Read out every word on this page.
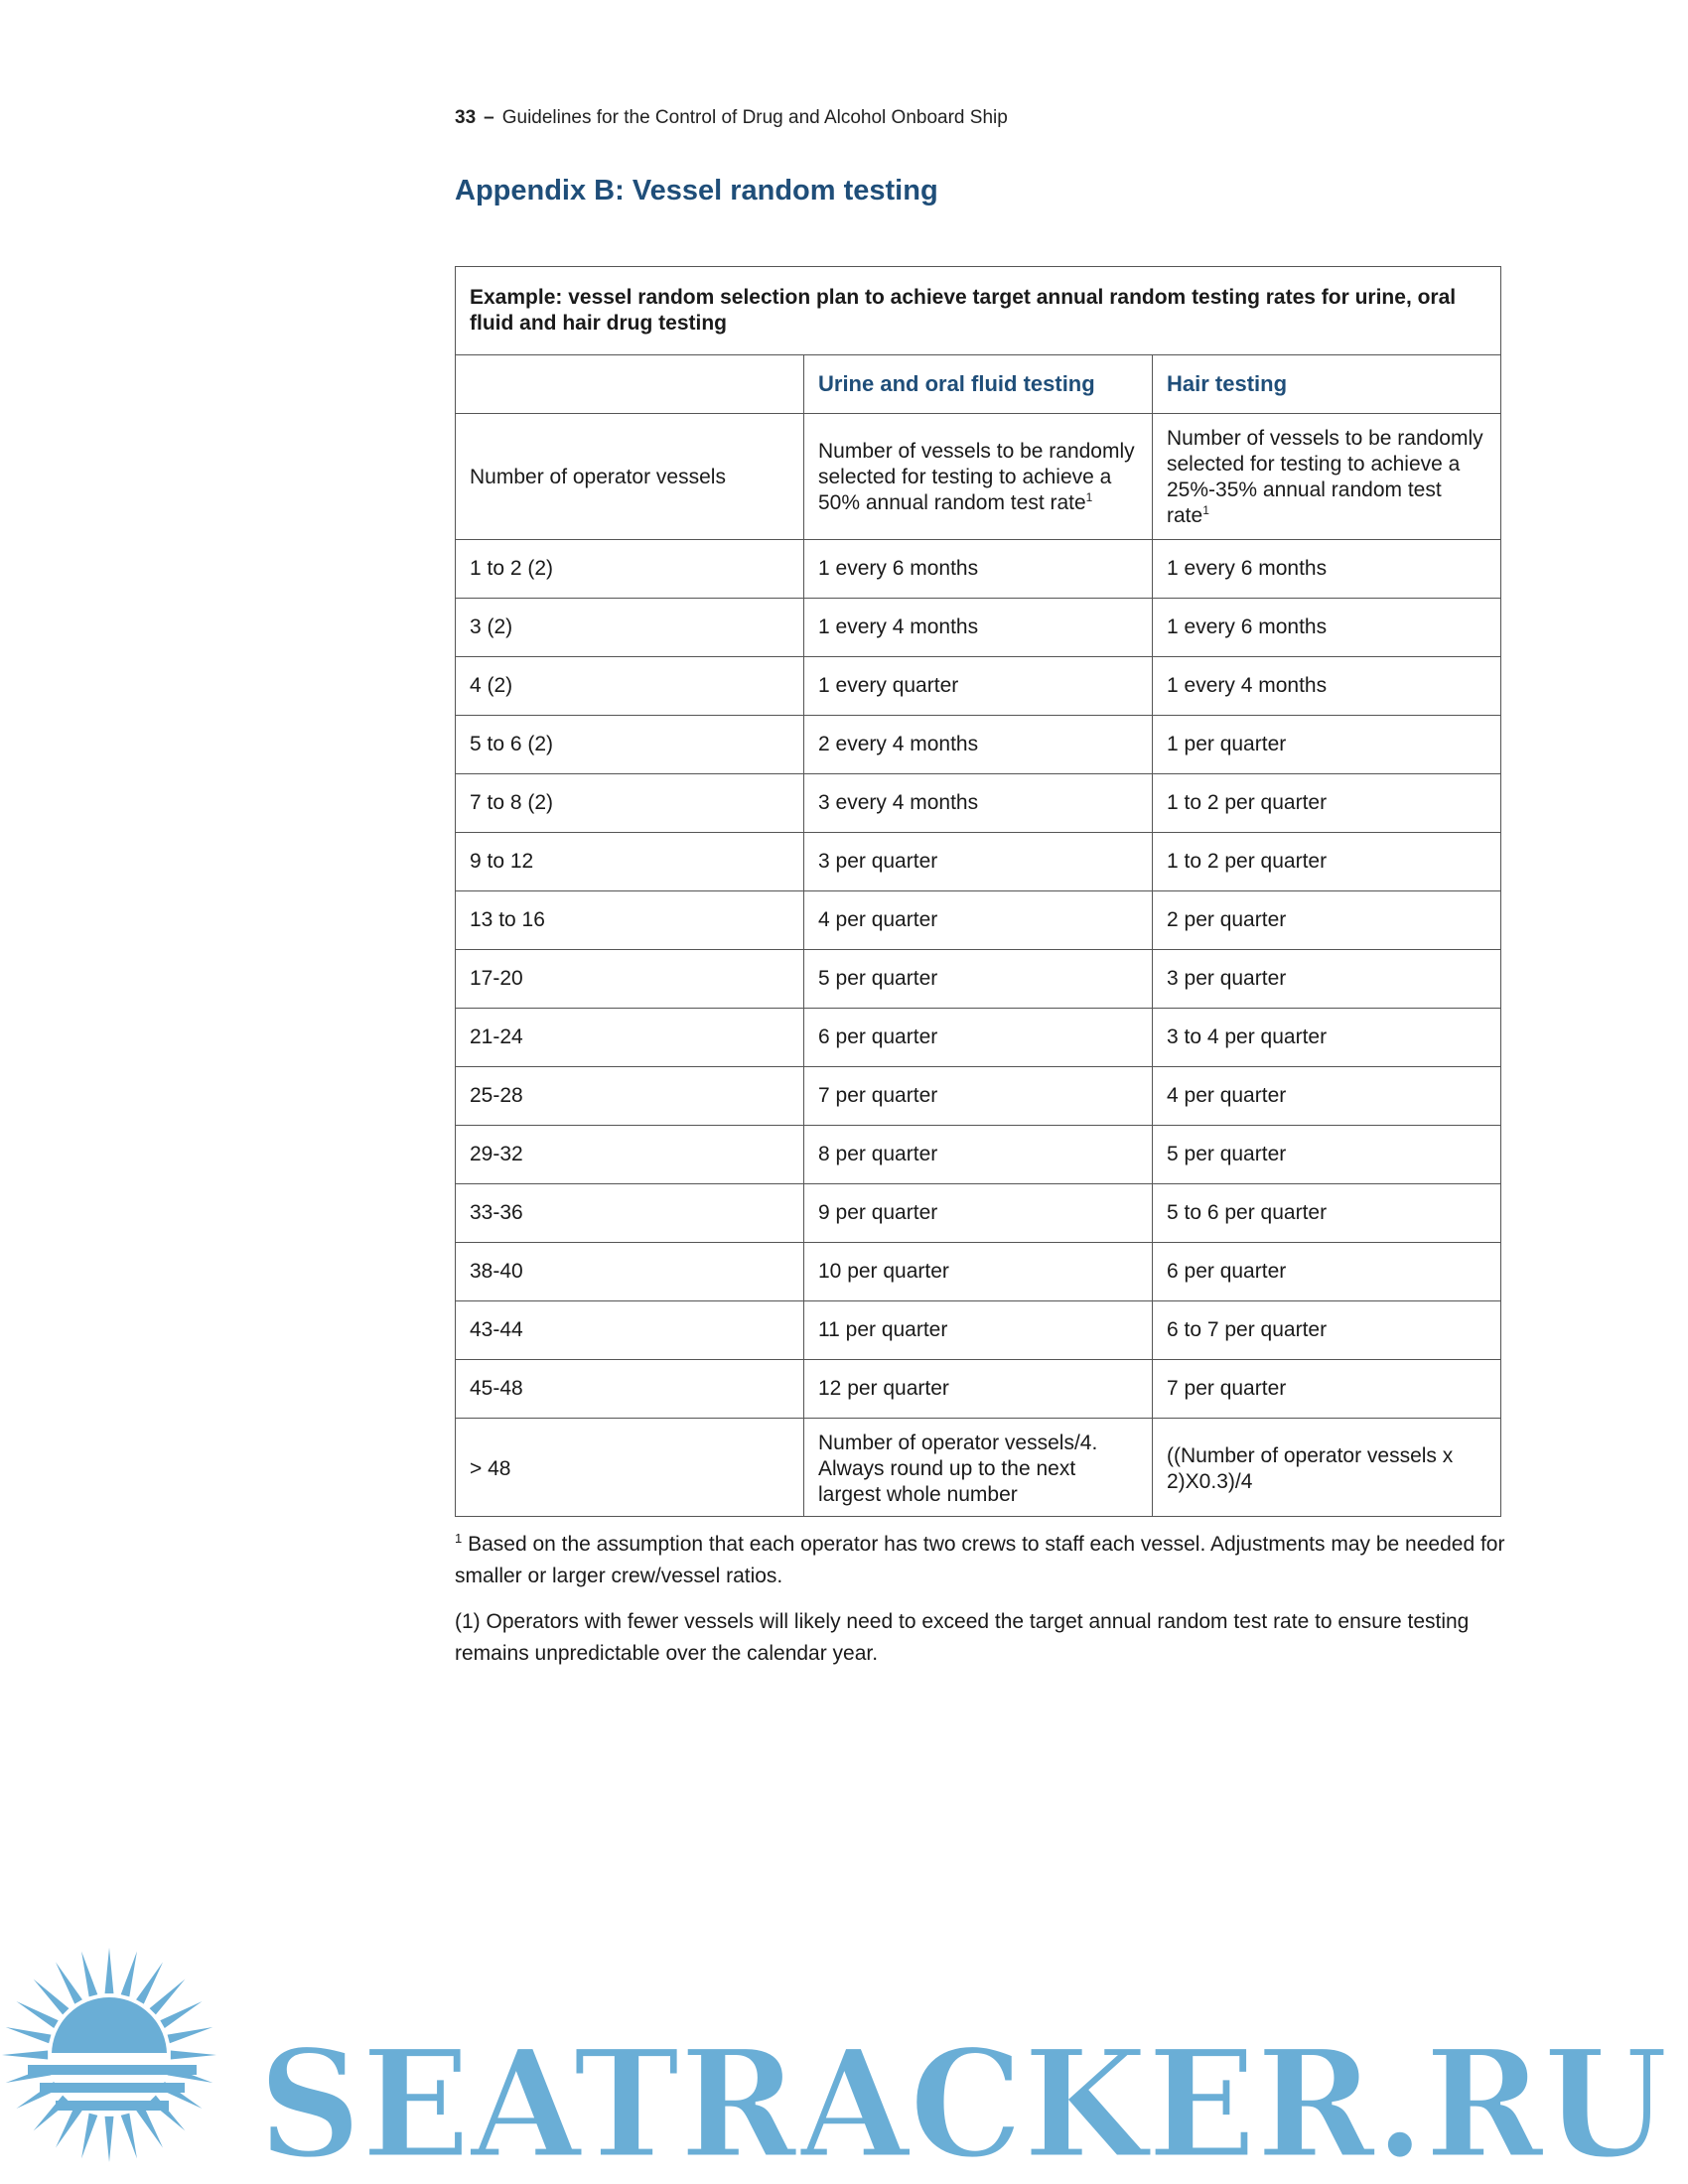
33 – Guidelines for the Control of Drug and Alcohol Onboard Ship
Appendix B: Vessel random testing
Example: vessel random selection plan to achieve target annual random testing rates for urine, oral fluid and hair drug testing		
	Urine and oral fluid testing	Hair testing
Number of operator vessels	Number of vessels to be randomly selected for testing to achieve a 50% annual random test rate$^1$	Number of vessels to be randomly selected for testing to achieve a 25%-35% annual random test rate$^1$
1 to 2 (2)	1 every 6 months	1 every 6 months
3 (2)	1 every 4 months	1 every 6 months
4 (2)	1 every quarter	1 every 4 months
5 to 6 (2)	2 every 4 months	1 per quarter
7 to 8 (2)	3 every 4 months	1 to 2 per quarter
9 to 12	3 per quarter	1 to 2 per quarter
13 to 16	4 per quarter	2 per quarter
17-20	5 per quarter	3 per quarter
21-24	6 per quarter	3 to 4 per quarter
25-28	7 per quarter	4 per quarter
29-32	8 per quarter	5 per quarter
33-36	9 per quarter	5 to 6 per quarter
38-40	10 per quarter	6 per quarter
43-44	11 per quarter	6 to 7 per quarter
45-48	12 per quarter	7 per quarter
> 48	Number of operator vessels/4. Always round up to the next largest whole number	((Number of operator vessels x 2)X0.3)/4

$^1$ Based on the assumption that each operator has two crews to staff each vessel. Adjustments may be needed for smaller or larger crew/vessel ratios.

(1) Operators with fewer vessels will likely need to exceed the target annual random test rate to ensure testing remains unpredictable over the calendar year.

SEATRACKER.RU
